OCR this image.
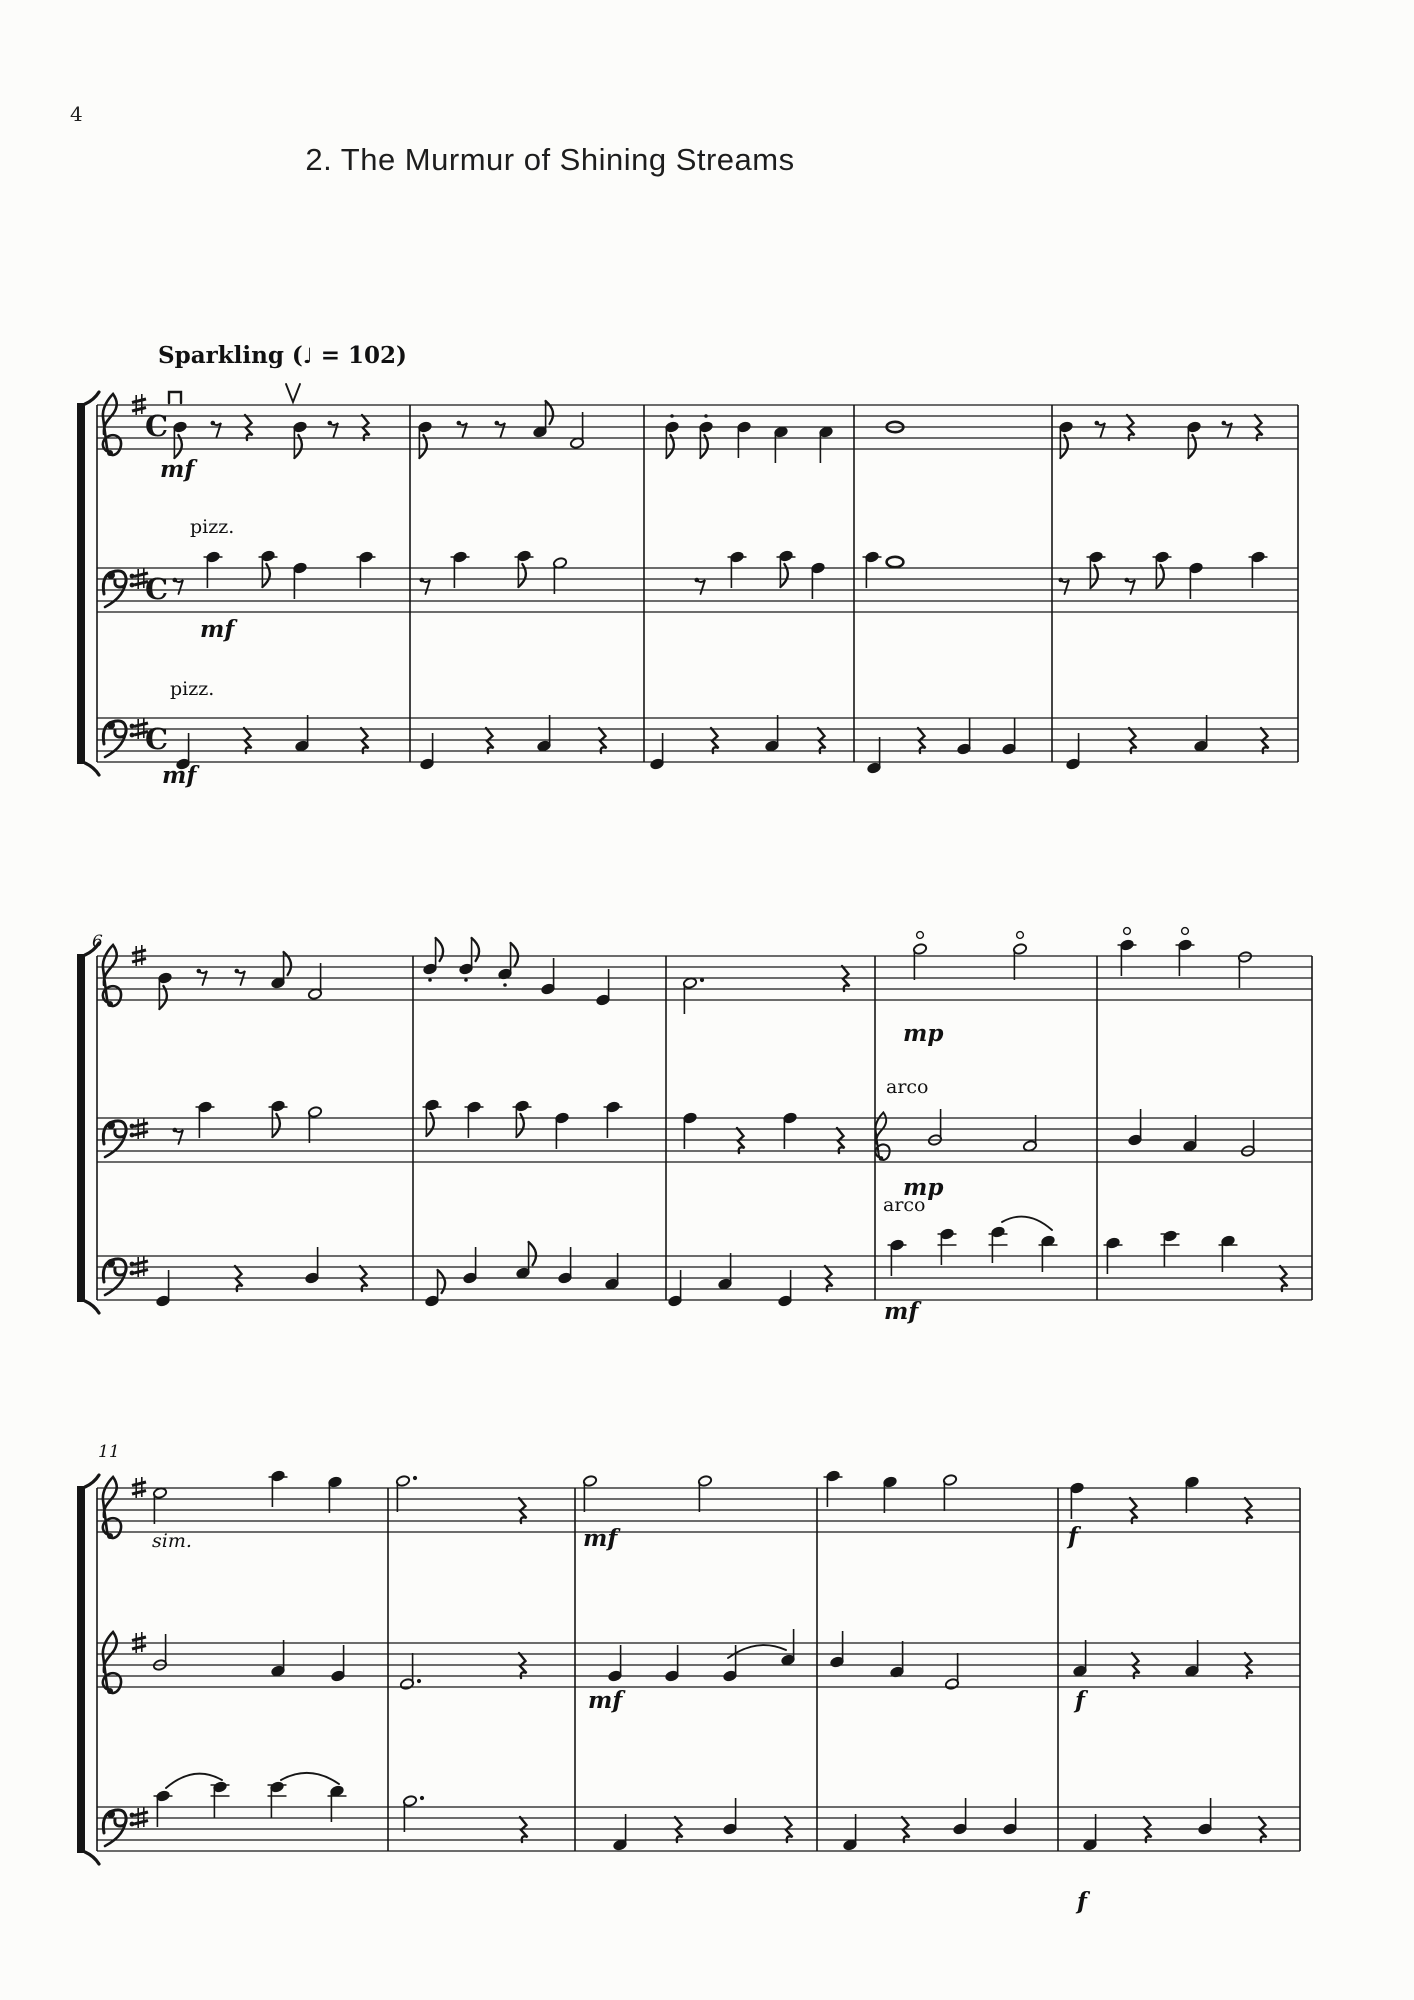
4
2. The Murmur of Shining Streams
Sparkling (♩ = 102)
C
C
C
mf
pizz.
mf
pizz.
mf
mp
arco
mp
arco
mf
sim.	mf
mf
f
f
f
6
11
